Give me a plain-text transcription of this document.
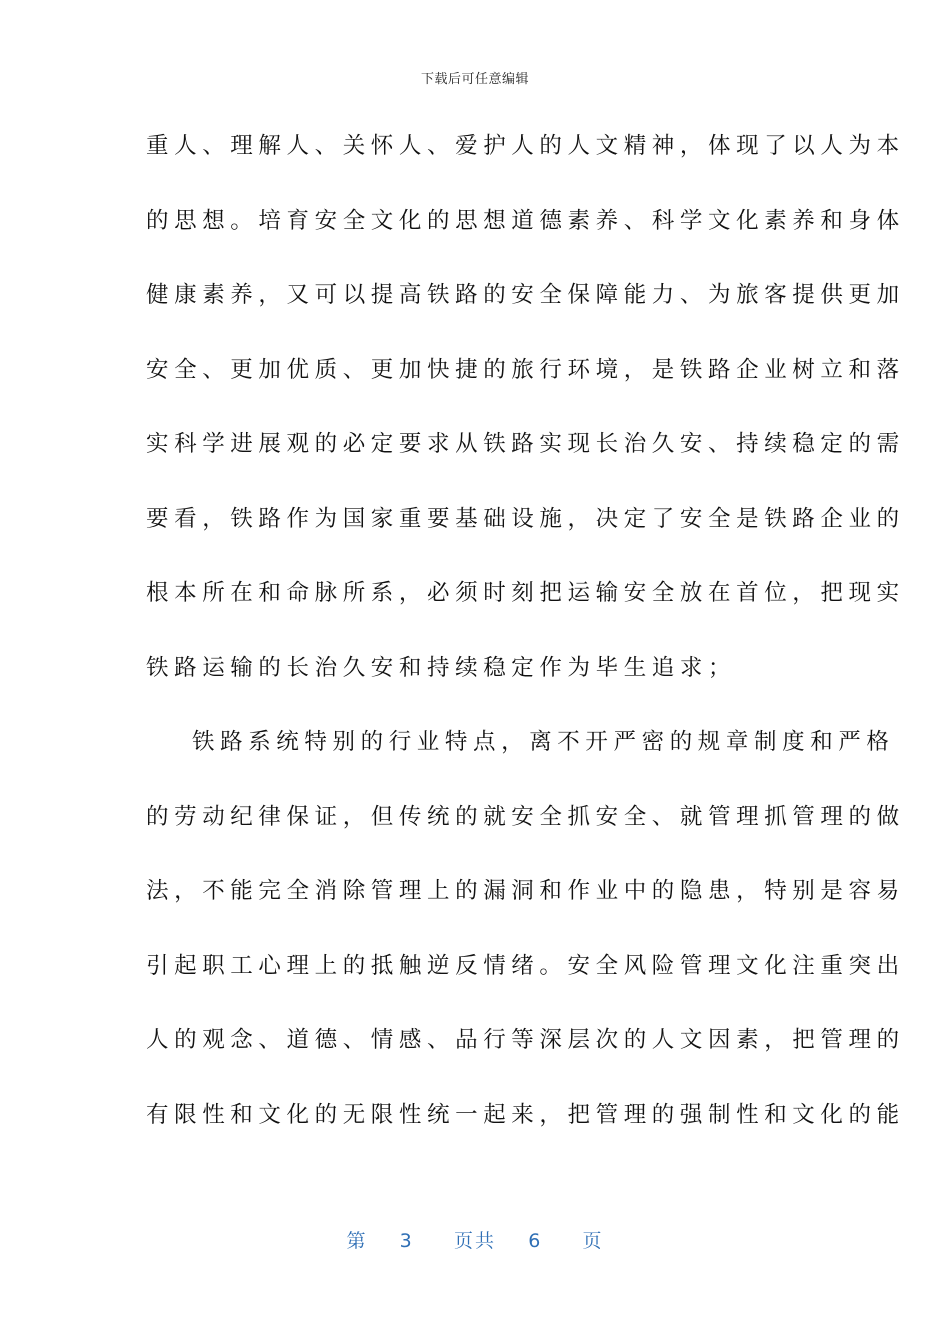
下载后可任意编辑
重人、理解人、关怀人、爱护人的人文精神，体现了以人为本
的思想。培育安全文化的思想道德素养、科学文化素养和身体
健康素养，又可以提高铁路的安全保障能力、为旅客提供更加
安全、更加优质、更加快捷的旅行环境，是铁路企业树立和落
实科学进展观的必定要求从铁路实现长治久安、持续稳定的需
要看，铁路作为国家重要基础设施，决定了安全是铁路企业的
根本所在和命脉所系，必须时刻把运输安全放在首位，把现实
铁路运输的长治久安和持续稳定作为毕生追求；
铁路系统特别的行业特点，离不开严密的规章制度和严格
的劳动纪律保证，但传统的就安全抓安全、就管理抓管理的做
法，不能完全消除管理上的漏洞和作业中的隐患，特别是容易
引起职工心理上的抵触逆反情绪。安全风险管理文化注重突出
人的观念、道德、情感、品行等深层次的人文因素，把管理的
有限性和文化的无限性统一起来，把管理的强制性和文化的能
第 3 页共 6 页
